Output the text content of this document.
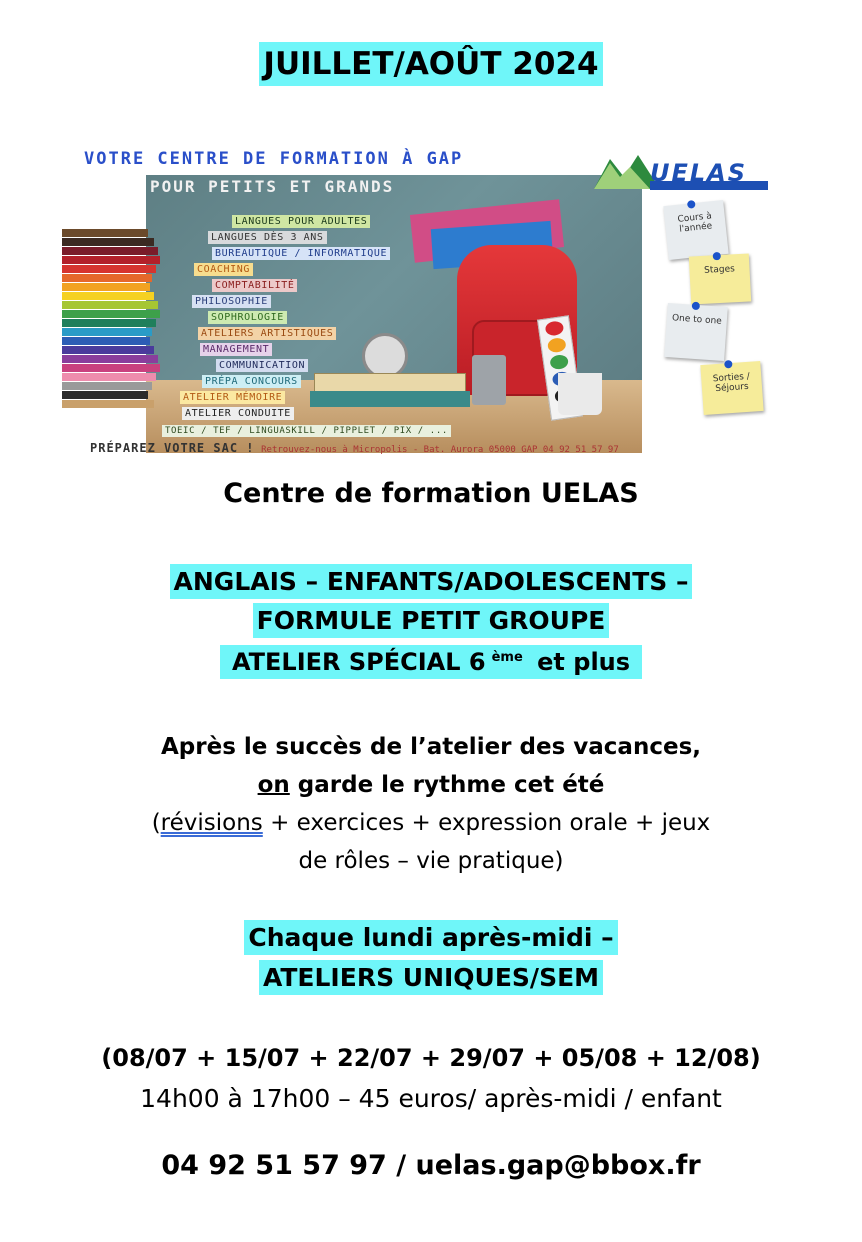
JUILLET/AOÛT 2024
VOTRE CENTRE DE FORMATION À GAP
POUR PETITS ET GRANDS	UELAS
LANGUES POUR ADULTES
LANGUES DÈS 3 ANS
BUREAUTIQUE / INFORMATIQUE
COACHING
COMPTABILITÉ
PHILOSOPHIE
SOPHROLOGIE
ATELIERS ARTISTIQUES
MANAGEMENT
COMMUNICATION
PRÉPA CONCOURS
ATELIER MÉMOIRE
ATELIER CONDUITE
TOEIC / TEF / LINGUASKILL / PIPPLET / PIX / ...
Cours à l'année
Stages
One to one
Sorties / Séjours
PRÉPAREZ VOTRE SAC ! Retrouvez-nous à Micropolis - Bat. Aurora 05000 GAP 04 92 51 57 97
Centre de formation UELAS
ANGLAIS – ENFANTS/ADOLESCENTS –
FORMULE PETIT GROUPE
ATELIER SPÉCIAL 6 $^{ème}$ et plus
Après le succès de l’atelier des vacances,
on garde le rythme cet été
(révisions + exercices + expression orale + jeux
de rôles – vie pratique)
Chaque lundi après-midi –
ATELIERS UNIQUES/SEM
(08/07 + 15/07 + 22/07 + 29/07 + 05/08 + 12/08)
14h00 à 17h00 – 45 euros/ après-midi / enfant
04 92 51 57 97 / uelas.gap@bbox.fr
